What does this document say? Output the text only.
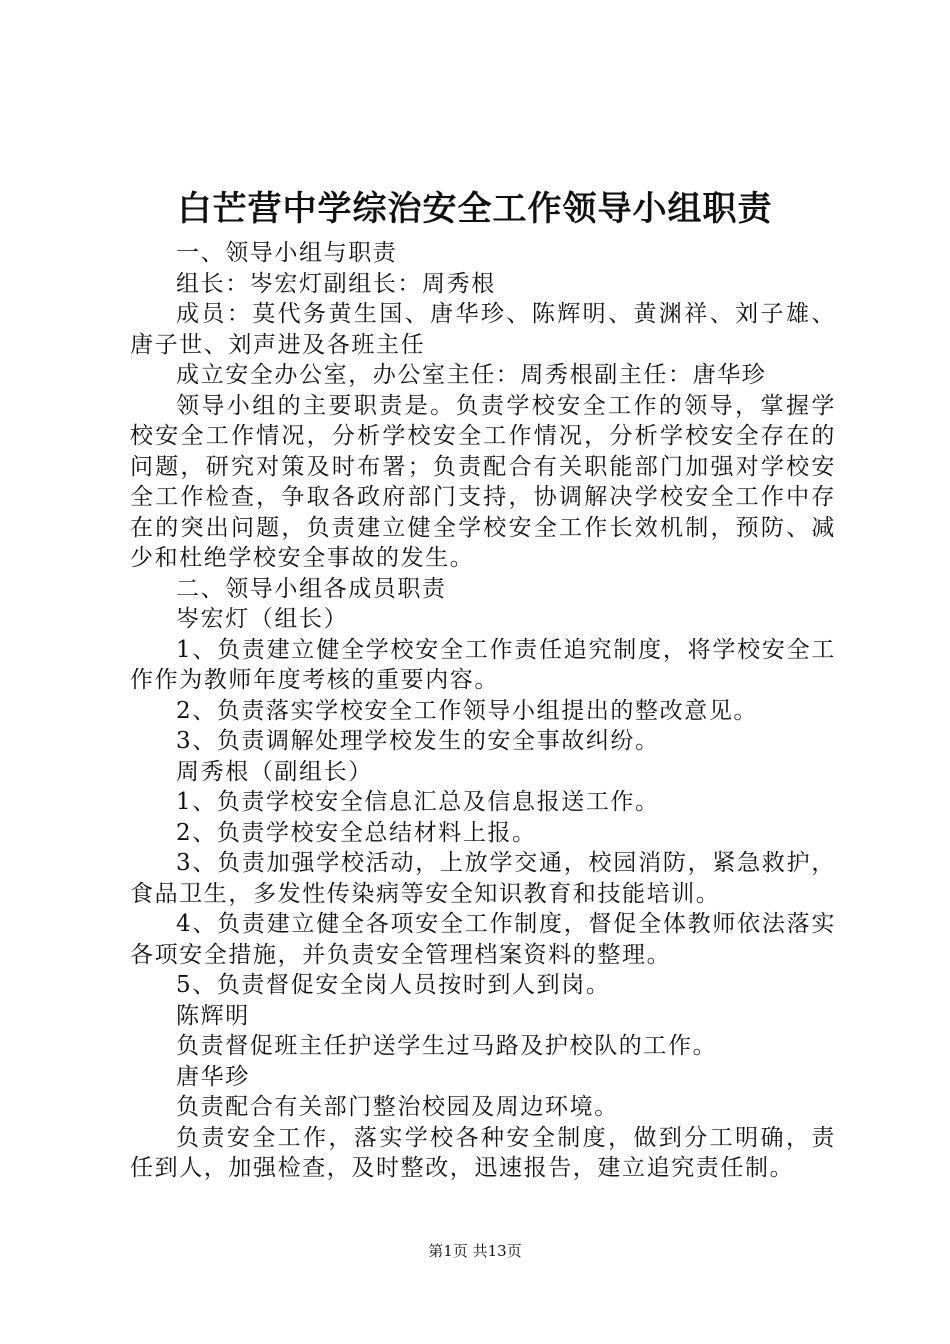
白芒营中学综治安全工作领导小组职责

一、领导小组与职责

组长：岑宏灯副组长：周秀根

成员：莫代务黄生国、唐华珍、陈辉明、黄渊祥、刘子雄、唐子世、刘声进及各班主任

成立安全办公室，办公室主任：周秀根副主任：唐华珍

领导小组的主要职责是。负责学校安全工作的领导，掌握学校安全工作情况，分析学校安全工作情况，分析学校安全存在的问题，研究对策及时布署；负责配合有关职能部门加强对学校安全工作检查，争取各政府部门支持，协调解决学校安全工作中存在的突出问题，负责建立健全学校安全工作长效机制，预防、减少和杜绝学校安全事故的发生。

二、领导小组各成员职责

岑宏灯（组长）

1、负责建立健全学校安全工作责任追究制度，将学校安全工作作为教师年度考核的重要内容。

2、负责落实学校安全工作领导小组提出的整改意见。

3、负责调解处理学校发生的安全事故纠纷。

周秀根（副组长）

1、负责学校安全信息汇总及信息报送工作。

2、负责学校安全总结材料上报。

3、负责加强学校活动，上放学交通，校园消防，紧急救护，食品卫生，多发性传染病等安全知识教育和技能培训。

4、负责建立健全各项安全工作制度，督促全体教师依法落实各项安全措施，并负责安全管理档案资料的整理。

5、负责督促安全岗人员按时到人到岗。

陈辉明

负责督促班主任护送学生过马路及护校队的工作。

唐华珍

负责配合有关部门整治校园及周边环境。

负责安全工作，落实学校各种安全制度，做到分工明确，责任到人，加强检查，及时整改，迅速报告，建立追究责任制。

第1页 共13页
